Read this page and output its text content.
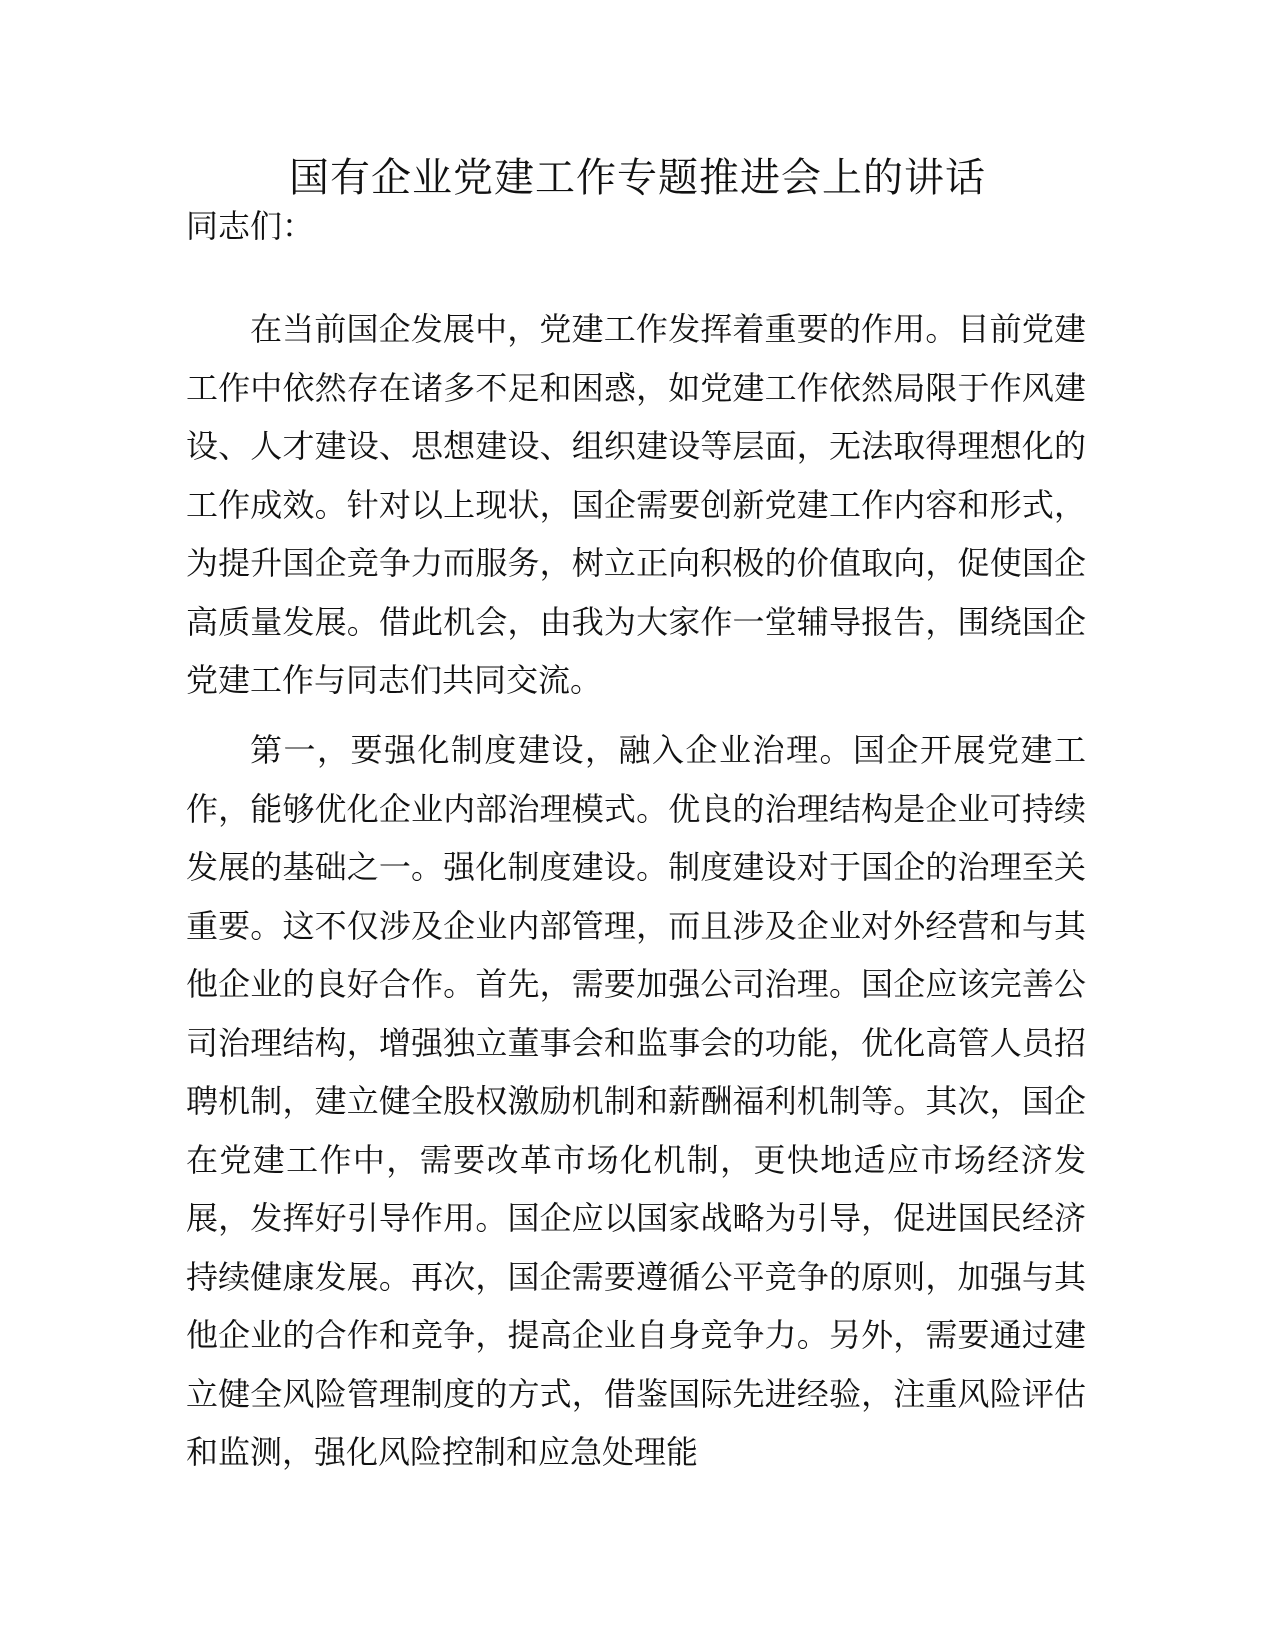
国有企业党建工作专题推进会上的讲话

同志们：

在当前国企发展中，党建工作发挥着重要的作用。目前党建工作中依然存在诸多不足和困惑，如党建工作依然局限于作风建设、人才建设、思想建设、组织建设等层面，无法取得理想化的工作成效。针对以上现状，国企需要创新党建工作内容和形式，为提升国企竞争力而服务，树立正向积极的价值取向，促使国企高质量发展。借此机会，由我为大家作一堂辅导报告，围绕国企党建工作与同志们共同交流。

第一，要强化制度建设，融入企业治理。国企开展党建工作，能够优化企业内部治理模式。优良的治理结构是企业可持续发展的基础之一。强化制度建设。制度建设对于国企的治理至关重要。这不仅涉及企业内部管理，而且涉及企业对外经营和与其他企业的良好合作。首先，需要加强公司治理。国企应该完善公司治理结构，增强独立董事会和监事会的功能，优化高管人员招聘机制，建立健全股权激励机制和薪酬福利机制等。其次，国企在党建工作中，需要改革市场化机制，更快地适应市场经济发展，发挥好引导作用。国企应以国家战略为引导，促进国民经济持续健康发展。再次，国企需要遵循公平竞争的原则，加强与其他企业的合作和竞争，提高企业自身竞争力。另外，需要通过建立健全风险管理制度的方式，借鉴国际先进经验，注重风险评估和监测，强化风险控制和应急处理能
